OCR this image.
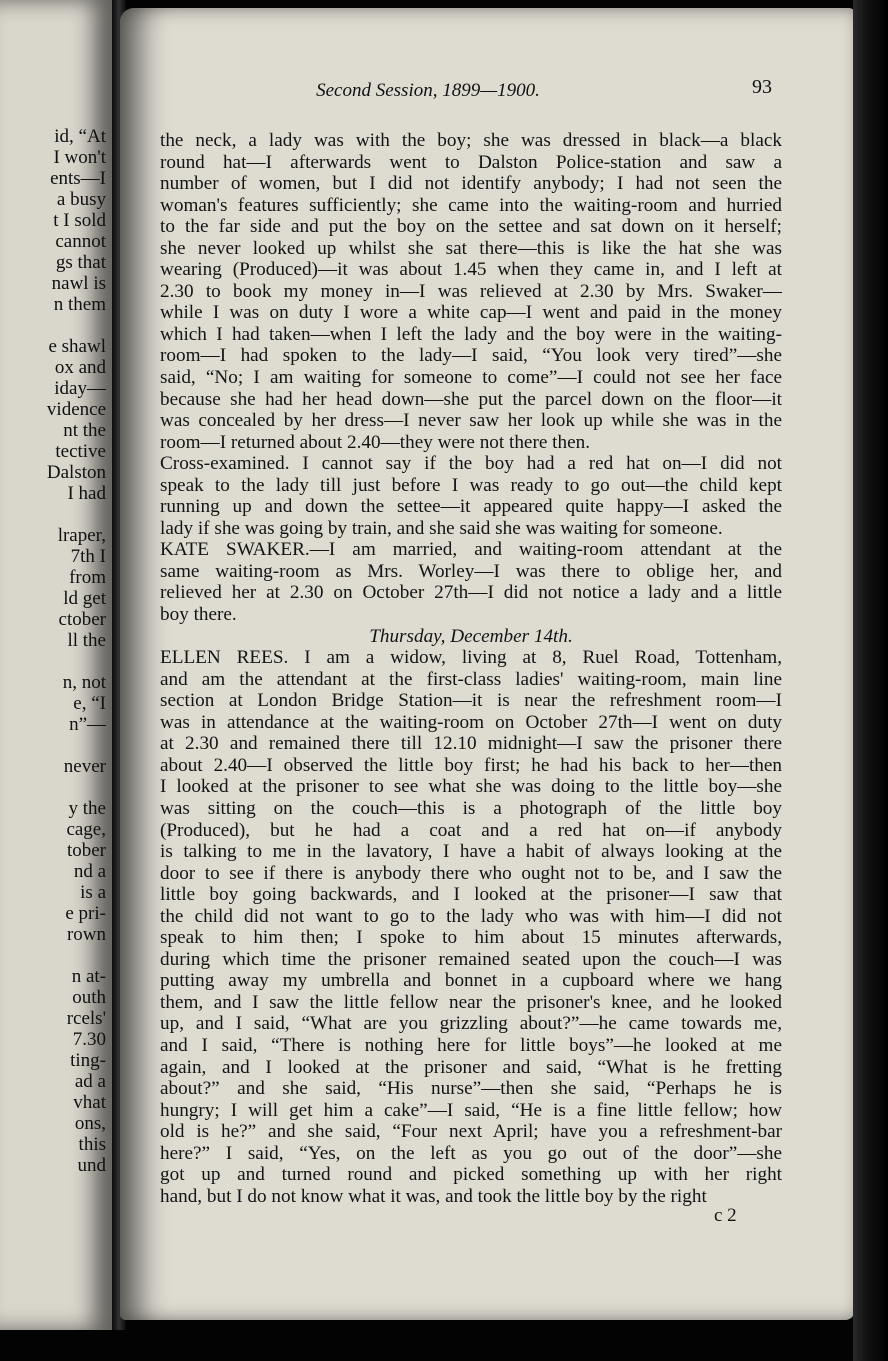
id, “At
I won't
ents—I
a busy
t I sold
cannot
gs that
nawl is
n them
e shawl
ox and
iday—
vidence
nt the
tective
Dalston
I had
lraper,
7th I
from
ld get
ctober
ll the
n, not
e, “I
n”—
never
y the
cage,
tober
nd a
is a
e pri-
rown
n at-
outh
rcels'
7.30
ting-
ad a
vhat
ons,
this
und
Second Session, 1899—1900.	93
the neck, a lady was with the boy; she was dressed in black—a black
round hat—I afterwards went to Dalston Police-station and saw a
number of women, but I did not identify anybody; I had not seen the
woman's features sufficiently; she came into the waiting-room and hurried
to the far side and put the boy on the settee and sat down on it herself;
she never looked up whilst she sat there—this is like the hat she was
wearing (Produced)—it was about 1.45 when they came in, and I left at
2.30 to book my money in—I was relieved at 2.30 by Mrs. Swaker—
while I was on duty I wore a white cap—I went and paid in the money
which I had taken—when I left the lady and the boy were in the waiting-
room—I had spoken to the lady—I said, “You look very tired”—she
said, “No; I am waiting for someone to come”—I could not see her face
because she had her head down—she put the parcel down on the floor—it
was concealed by her dress—I never saw her look up while she was in the
room—I returned about 2.40—they were not there then.
Cross-examined. I cannot say if the boy had a red hat on—I did not
speak to the lady till just before I was ready to go out—the child kept
running up and down the settee—it appeared quite happy—I asked the
lady if she was going by train, and she said she was waiting for someone.
KATE SWAKER.—I am married, and waiting-room attendant at the
same waiting-room as Mrs. Worley—I was there to oblige her, and
relieved her at 2.30 on October 27th—I did not notice a lady and a little
boy there.
Thursday, December 14th.
ELLEN REES. I am a widow, living at 8, Ruel Road, Tottenham,
and am the attendant at the first-class ladies' waiting-room, main line
section at London Bridge Station—it is near the refreshment room—I
was in attendance at the waiting-room on October 27th—I went on duty
at 2.30 and remained there till 12.10 midnight—I saw the prisoner there
about 2.40—I observed the little boy first; he had his back to her—then
I looked at the prisoner to see what she was doing to the little boy—she
was sitting on the couch—this is a photograph of the little boy
(Produced), but he had a coat and a red hat on—if anybody
is talking to me in the lavatory, I have a habit of always looking at the
door to see if there is anybody there who ought not to be, and I saw the
little boy going backwards, and I looked at the prisoner—I saw that
the child did not want to go to the lady who was with him—I did not
speak to him then; I spoke to him about 15 minutes afterwards,
during which time the prisoner remained seated upon the couch—I was
putting away my umbrella and bonnet in a cupboard where we hang
them, and I saw the little fellow near the prisoner's knee, and he looked
up, and I said, “What are you grizzling about?”—he came towards me,
and I said, “There is nothing here for little boys”—he looked at me
again, and I looked at the prisoner and said, “What is he fretting
about?” and she said, “His nurse”—then she said, “Perhaps he is
hungry; I will get him a cake”—I said, “He is a fine little fellow; how
old is he?” and she said, “Four next April; have you a refreshment-bar
here?” I said, “Yes, on the left as you go out of the door”—she
got up and turned round and picked something up with her right
hand, but I do not know what it was, and took the little boy by the right
c 2
